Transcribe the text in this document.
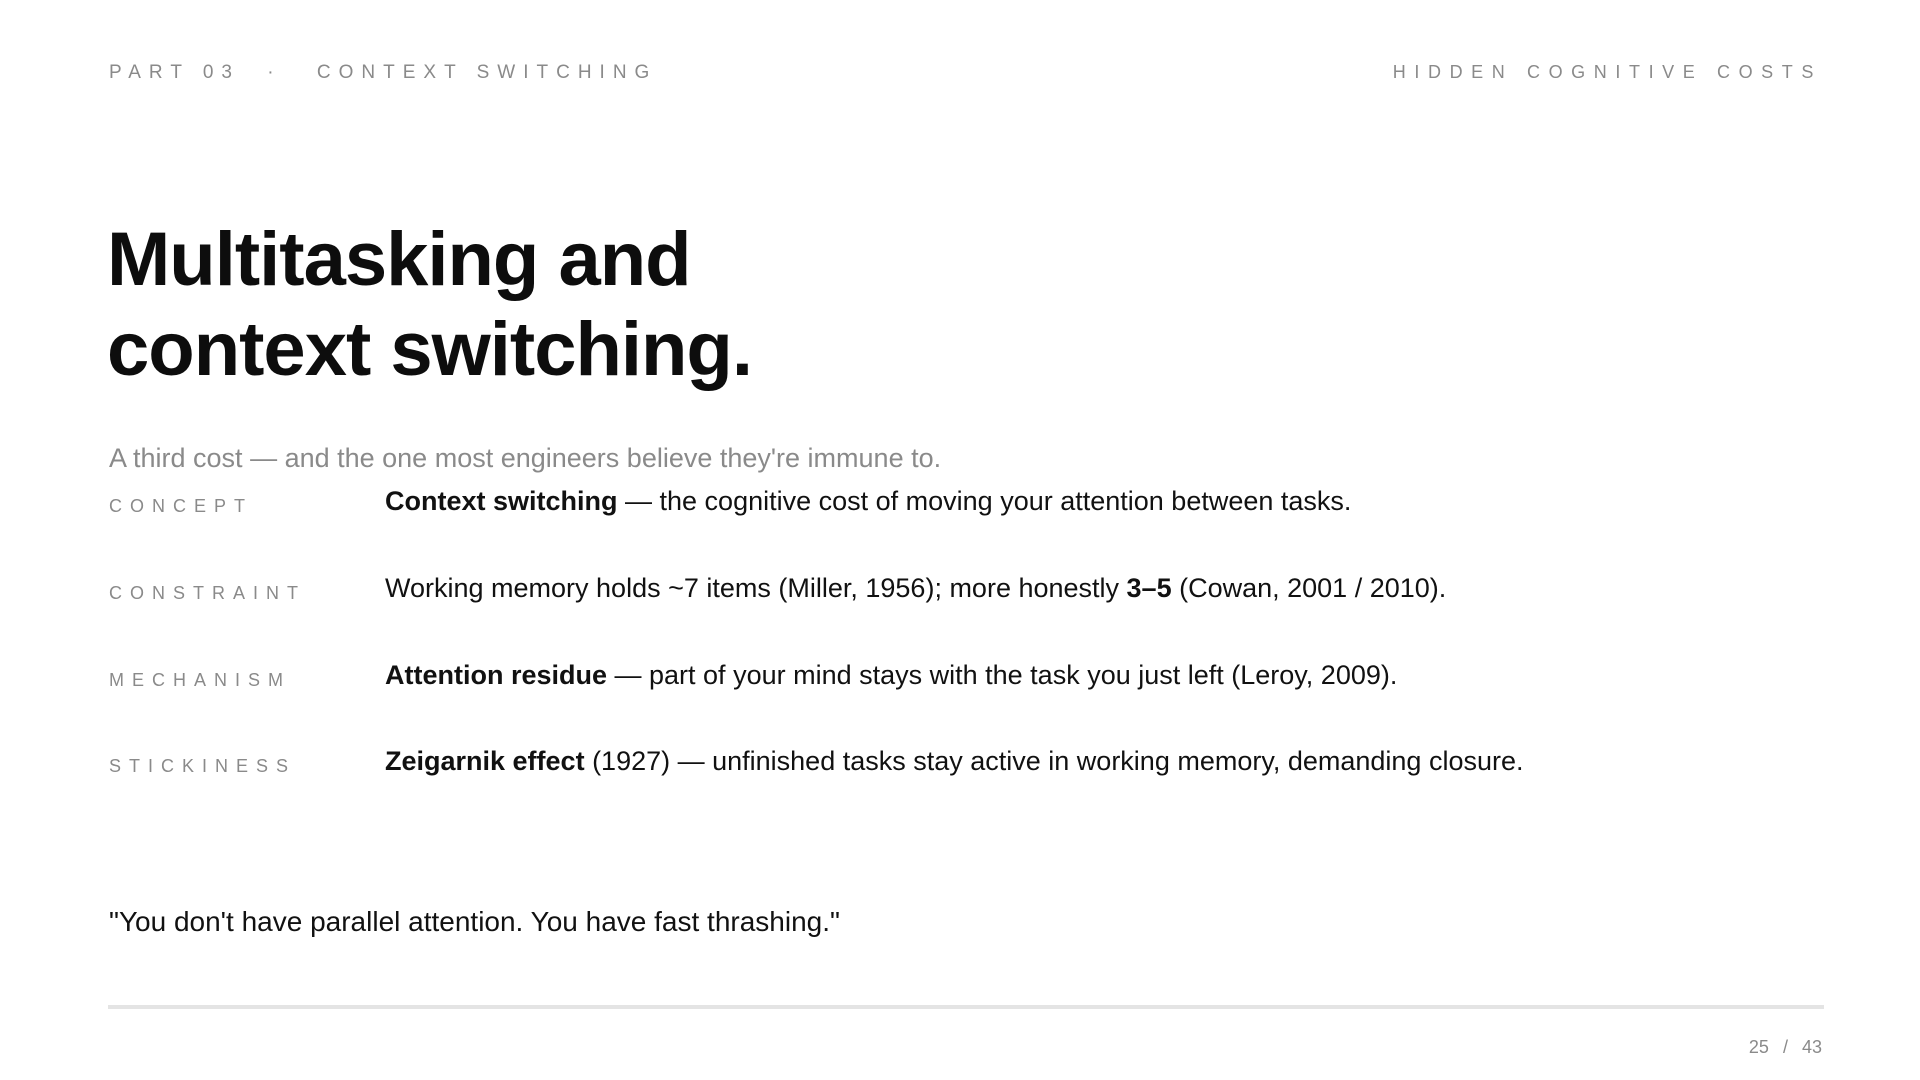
PART 03 · CONTEXT SWITCHING	HIDDEN COGNITIVE COSTS
Multitasking and
context switching.
A third cost — and the one most engineers believe they're immune to.
CONCEPT	Context switching — the cognitive cost of moving your attention between tasks.
CONSTRAINT	Working memory holds ~7 items (Miller, 1956); more honestly 3–5 (Cowan, 2001 / 2010).
MECHANISM	Attention residue — part of your mind stays with the task you just left (Leroy, 2009).
STICKINESS	Zeigarnik effect (1927) — unfinished tasks stay active in working memory, demanding closure.
"You don't have parallel attention. You have fast thrashing."
25 / 43
